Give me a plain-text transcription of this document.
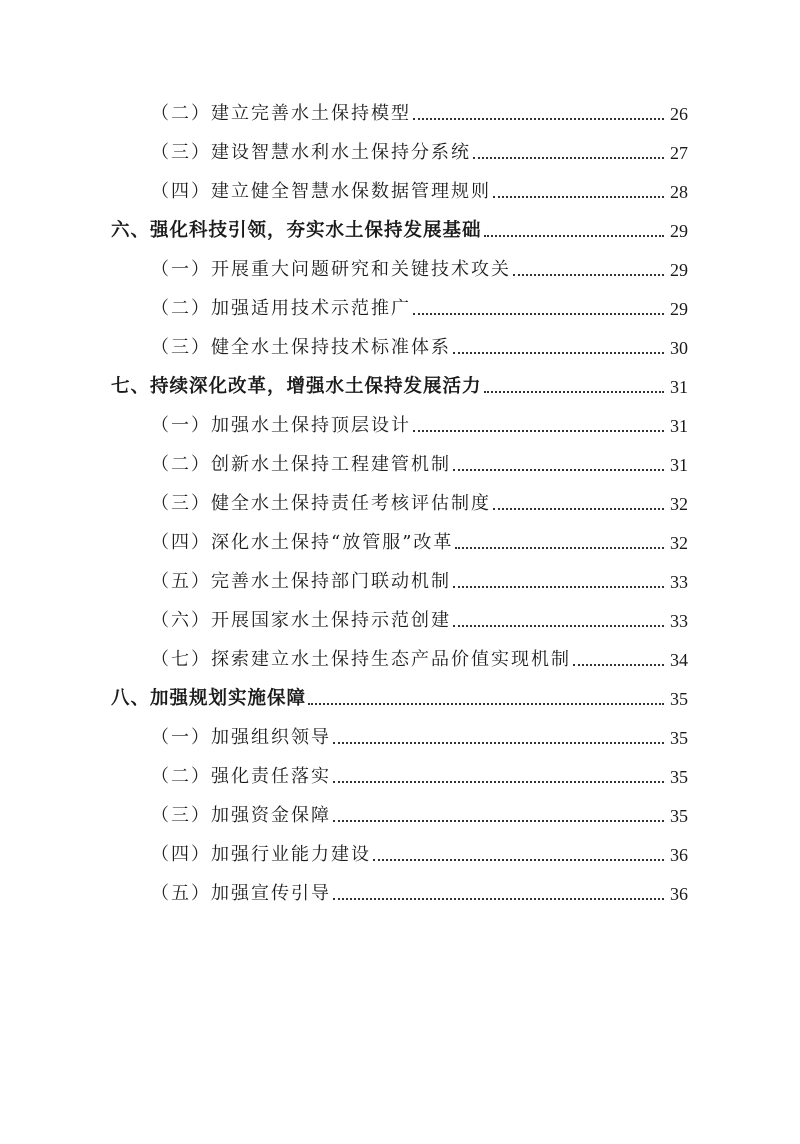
（二）建立完善水土保持模型	26
（三）建设智慧水利水土保持分系统	27
（四）建立健全智慧水保数据管理规则	28
六、强化科技引领，夯实水土保持发展基础	29
（一）开展重大问题研究和关键技术攻关	29
（二）加强适用技术示范推广	29
（三）健全水土保持技术标准体系	30
七、持续深化改革，增强水土保持发展活力	31
（一）加强水土保持顶层设计	31
（二）创新水土保持工程建管机制	31
（三）健全水土保持责任考核评估制度	32
（四）深化水土保持“放管服”改革	32
（五）完善水土保持部门联动机制	33
（六）开展国家水土保持示范创建	33
（七）探索建立水土保持生态产品价值实现机制	34
八、加强规划实施保障	35
（一）加强组织领导	35
（二）强化责任落实	35
（三）加强资金保障	35
（四）加强行业能力建设	36
（五）加强宣传引导	36
